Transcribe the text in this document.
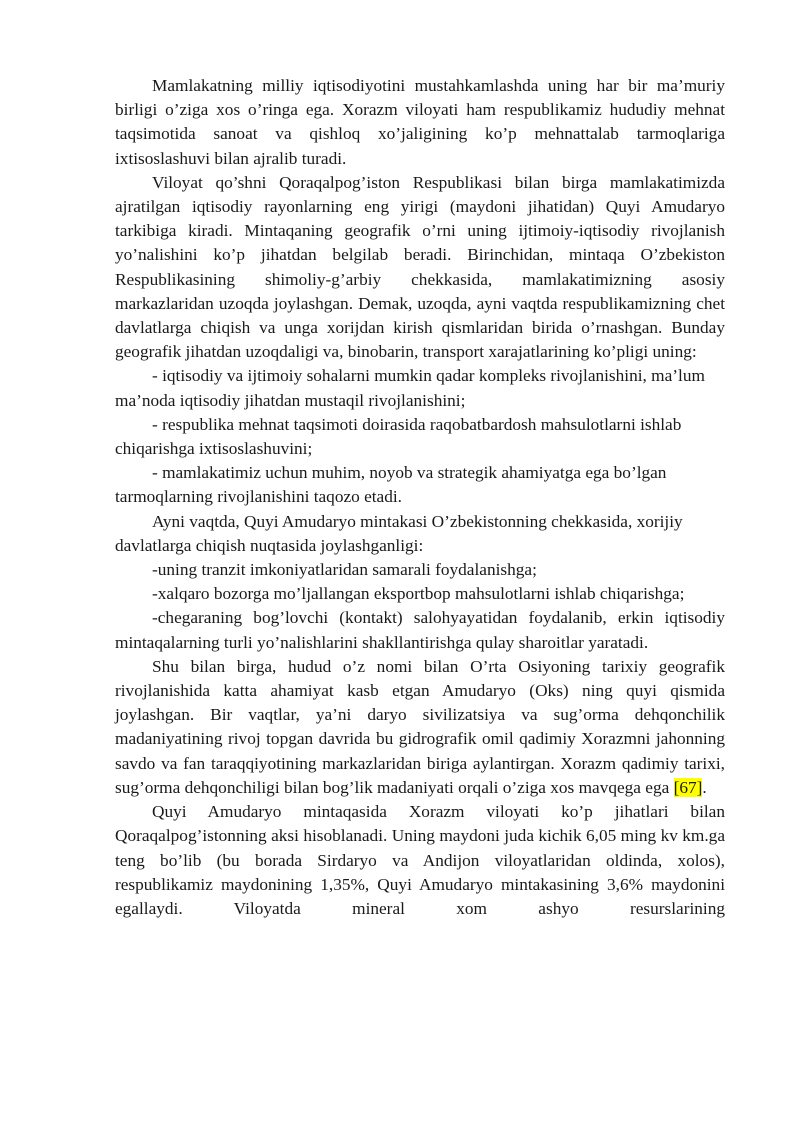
Mamlakatning milliy iqtisodiyotini mustahkamlashda uning har bir ma’muriy birligi o’ziga xos o’ringa ega. Xorazm viloyati ham respublikamiz hududiy mehnat taqsimotida sanoat va qishloq xo’jaligining ko’p mehnattalab tarmoqlariga ixtisoslashuvi bilan ajralib turadi.

Viloyat qo’shni Qoraqalpog’iston Respublikasi bilan birga mamlakatimizda ajratilgan iqtisodiy rayonlarning eng yirigi (maydoni jihatidan) Quyi Amudaryo tarkibiga kiradi. Mintaqaning geografik o’rni uning ijtimoiy-iqtisodiy rivojlanish yo’nalishini ko’p jihatdan belgilab beradi. Birinchidan, mintaqa O’zbekiston Respublikasining shimoliy-g’arbiy chekkasida, mamlakatimizning asosiy markazlaridan uzoqda joylashgan. Demak, uzoqda, ayni vaqtda respublikamizning chet davlatlarga chiqish va unga xorijdan kirish qismlaridan birida o’rnashgan. Bunday geografik jihatdan uzoqdaligi va, binobarin, transport xarajatlarining ko’pligi uning:

- iqtisodiy va ijtimoiy sohalarni mumkin qadar kompleks rivojlanishini, ma’lum ma’noda iqtisodiy jihatdan mustaqil rivojlanishini;

- respublika mehnat taqsimoti doirasida raqobatbardosh mahsulotlarni ishlab chiqarishga ixtisoslashuvini;

- mamlakatimiz uchun muhim, noyob va strategik ahamiyatga ega bo’lgan tarmoqlarning rivojlanishini taqozo etadi.

Ayni vaqtda, Quyi Amudaryo mintakasi O’zbekistonning chekkasida, xorijiy davlatlarga chiqish nuqtasida joylashganligi:

-uning tranzit imkoniyatlaridan samarali foydalanishga;

-xalqaro bozorga mo’ljallangan eksportbop mahsulotlarni ishlab chiqarishga;

-chegaraning bog’lovchi (kontakt) salohyayatidan foydalanib, erkin iqtisodiy mintaqalarning turli yo’nalishlarini shakllantirishga qulay sharoitlar yaratadi.

Shu bilan birga, hudud o’z nomi bilan O’rta Osiyoning tarixiy geografik rivojlanishida katta ahamiyat kasb etgan Amudaryo (Oks) ning quyi qismida joylashgan. Bir vaqtlar, ya’ni daryo sivilizatsiya va sug’orma dehqonchilik madaniyatining rivoj topgan davrida bu gidrografik omil qadimiy Xorazmni jahonning savdo va fan taraqqiyotining markazlaridan biriga aylantirgan. Xorazm qadimiy tarixi, sug’orma dehqonchiligi bilan bog’lik madaniyati orqali o’ziga xos mavqega ega [67].

Quyi Amudaryo mintaqasida Xorazm viloyati ko’p jihatlari bilan Qoraqalpog’istonning aksi hisoblanadi. Uning maydoni juda kichik 6,05 ming kv km.ga teng bo’lib (bu borada Sirdaryo va Andijon viloyatlaridan oldinda, xolos), respublikamiz maydonining 1,35%, Quyi Amudaryo mintakasining 3,6% maydonini egallaydi. Viloyatda mineral xom ashyo resurslarining
